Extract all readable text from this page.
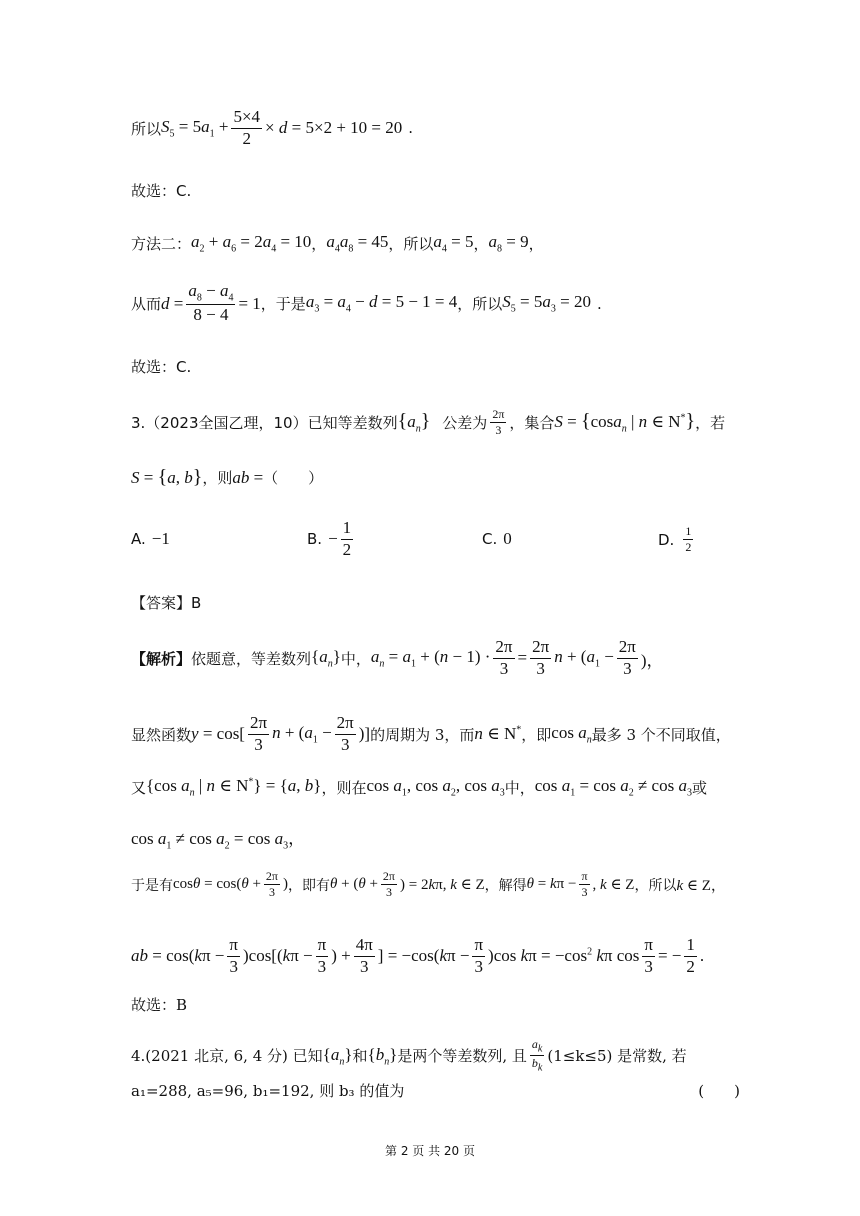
所以 $S_5 = 5a_1 + \frac{5\times 4}{2} \times d = 5\times 2 + 10 = 20$ .
故选：C.
方法二： $a_2 + a_6 = 2a_4 = 10$ ， $a_4a_8 = 45$ ，所以 $a_4 = 5$ ， $a_8 = 9$ ，
从而 $d = \frac{a_8 - a_4}{8 - 4} = 1$ ，于是 $a_3 = a_4 - d = 5 - 1 = 4$ ，所以 $S_5 = 5a_3 = 20$ .
故选：C.
3.（2023全国乙理，10）已知等差数列 $\{a_n\}$ 公差为 $\frac{2\pi}{3}$ ，集合 S = {cosa$_n$ | n ∈ N*} ，若
S = {a, b} ，则 ab = （　　）
A. −1	B. − $\frac{1}{2}$	C. 0	D. $\frac{1}{2}$
【答案】B
【解析】 依题意，等差数列 $\{a_n\}$ 中， $a_n = a_1 + (n - 1) \cdot \frac{2\pi}{3} = \frac{2\pi}{3}$ $n + (a_1 - \frac{2\pi}{3}$ )，
显然函数 $y = \cos[ \frac{2\pi}{3}$ $n + (a_1 - \frac{2\pi}{3}$ )] 的周期为 3，而 n ∈ N* ，即 $\cos a_n$ 最多 3 个不同取值，
又 {cos $a_n$ | n ∈ N*} = {a, b} ，则在 $\cos a_1$, $\cos a_2$, $\cos a_3$ 中， $\cos a_1 = \cos a_2 \ne \cos a_3$ 或
$\cos a_1 \ne \cos a_2 = \cos a_3$，
于是有 $\cos\theta = \cos(\theta + \frac{2\pi}{3}$ ) ，即有 $\theta + (\theta + \frac{2\pi}{3}$ ) = 2kπ, k ∈ Z ，解得 $\theta = k\pi - \frac{\pi}{3}$ , k ∈ Z ，所以 k ∈ Z，
ab = $\cos(k\pi - \frac{\pi}{3} )\cos[(k\pi - \frac{\pi}{3}$ ) + $\frac{4\pi}{3}$ ] = $-\cos(k\pi - \frac{\pi}{3} )\cos$ $k\pi = -\cos^2$ kπ $\cos \frac{\pi}{3}$ = − $\frac{1}{2}$ .
故选：B
4.(2021 北京, 6, 4 分) 已知 $\{a_n\}$ 和 $\{b_n\}$ 是两个等差数列, 且 $\frac{a_k}{b_k} (1\le k\le 5)$ 是常数, 若
a₁=288, a₅=96, b₁=192, 则 b₃ 的值为	(　　)
第 2 页 共 20 页
